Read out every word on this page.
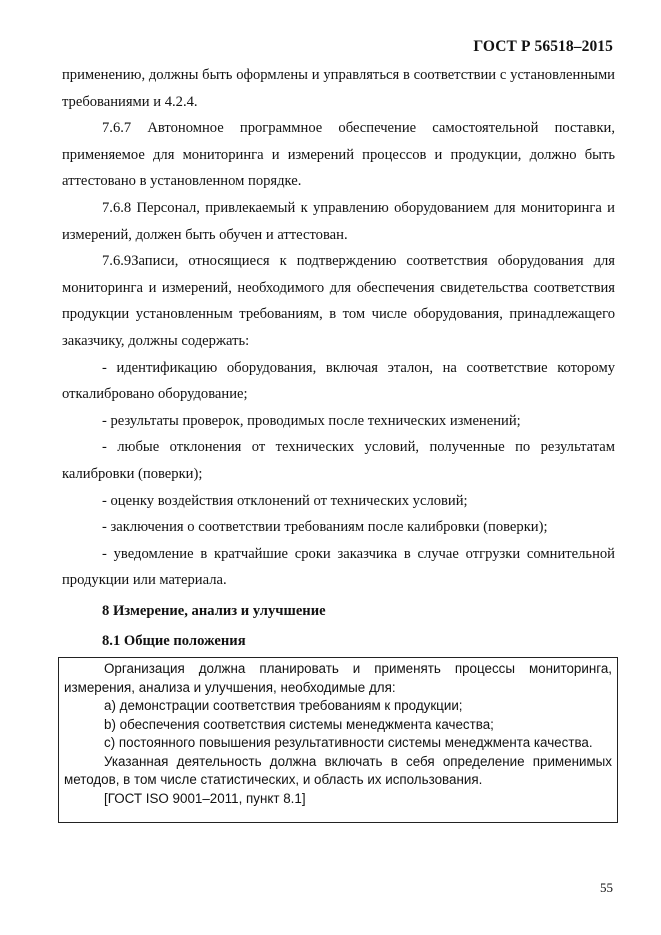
ГОСТ Р 56518–2015

применению, должны быть оформлены и управляться в соответствии с установленными требованиями и 4.2.4.

7.6.7 Автономное программное обеспечение самостоятельной поставки, применяемое для мониторинга и измерений процессов и продукции, должно быть аттестовано в установленном порядке.

7.6.8 Персонал, привлекаемый к управлению оборудованием для мониторинга и измерений, должен быть обучен и аттестован.

7.6.9Записи, относящиеся к подтверждению соответствия оборудования для мониторинга и измерений, необходимого для обеспечения свидетельства соответствия продукции установленным требованиям, в том числе оборудования, принадлежащего заказчику, должны содержать:

- идентификацию оборудования, включая эталон, на соответствие которому откалибровано оборудование;

- результаты проверок, проводимых после технических изменений;

- любые отклонения от технических условий, полученные по результатам калибровки (поверки);

- оценку воздействия отклонений от технических условий;

- заключения о соответствии требованиям после калибровки (поверки);

- уведомление в кратчайшие сроки заказчика в случае отгрузки сомнительной продукции или материала.

8 Измерение, анализ и улучшение
8.1 Общие положения

Организация должна планировать и применять процессы мониторинга, измерения, анализа и улучшения, необходимые для:

a) демонстрации соответствия требованиям к продукции;

b) обеспечения соответствия системы менеджмента качества;

c) постоянного повышения результативности системы менеджмента качества.

Указанная деятельность должна включать в себя определение применимых методов, в том числе статистических, и область их использования.

[ГОСТ ISO 9001–2011, пункт 8.1]

55
